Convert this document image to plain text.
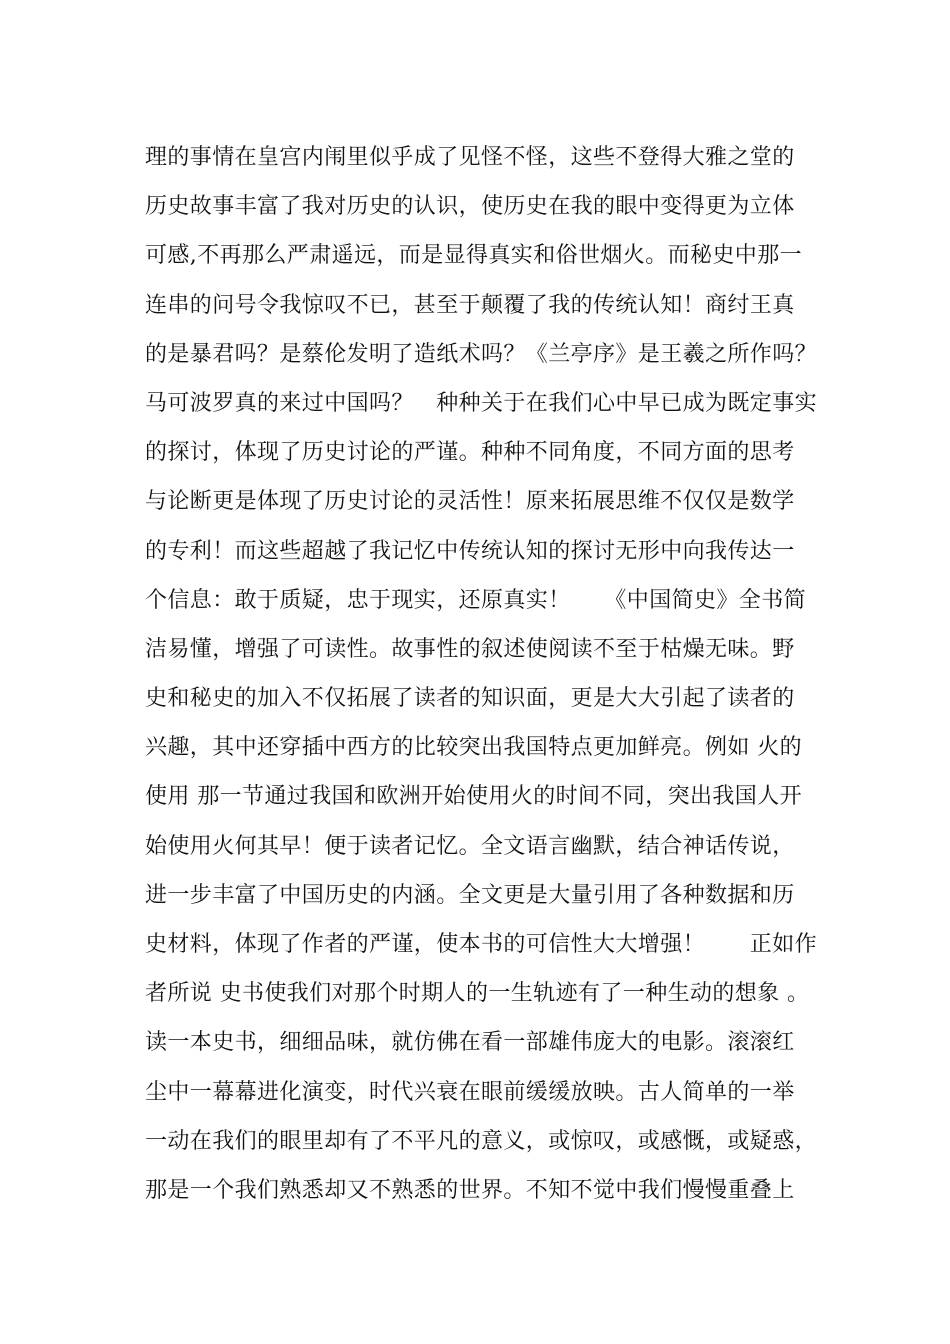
理的事情在皇宫内闱里似乎成了见怪不怪，这些不登得大雅之堂的
历史故事丰富了我对历史的认识，使历史在我的眼中变得更为立体
可感,不再那么严肃遥远，而是显得真实和俗世烟火。而秘史中那一
连串的问号令我惊叹不已，甚至于颠覆了我的传统认知！商纣王真
的是暴君吗？是蔡伦发明了造纸术吗？《兰亭序》是王羲之所作吗？
马可波罗真的来过中国吗？　种种关于在我们心中早已成为既定事实
的探讨，体现了历史讨论的严谨。种种不同角度，不同方面的思考
与论断更是体现了历史讨论的灵活性！原来拓展思维不仅仅是数学
的专利！而这些超越了我记忆中传统认知的探讨无形中向我传达一
个信息：敢于质疑，忠于现实，还原真实！　　《中国简史》全书简
洁易懂，增强了可读性。故事性的叙述使阅读不至于枯燥无味。野
史和秘史的加入不仅拓展了读者的知识面，更是大大引起了读者的
兴趣，其中还穿插中西方的比较突出我国特点更加鲜亮。例如 火的
使用 那一节通过我国和欧洲开始使用火的时间不同，突出我国人开
始使用火何其早！便于读者记忆。全文语言幽默，结合神话传说，
进一步丰富了中国历史的内涵。全文更是大量引用了各种数据和历
史材料，体现了作者的严谨，使本书的可信性大大增强！　　正如作
者所说 史书使我们对那个时期人的一生轨迹有了一种生动的想象 。
读一本史书，细细品味，就仿佛在看一部雄伟庞大的电影。滚滚红
尘中一幕幕进化演变，时代兴衰在眼前缓缓放映。古人简单的一举
一动在我们的眼里却有了不平凡的意义，或惊叹，或感慨，或疑惑，
那是一个我们熟悉却又不熟悉的世界。不知不觉中我们慢慢重叠上
